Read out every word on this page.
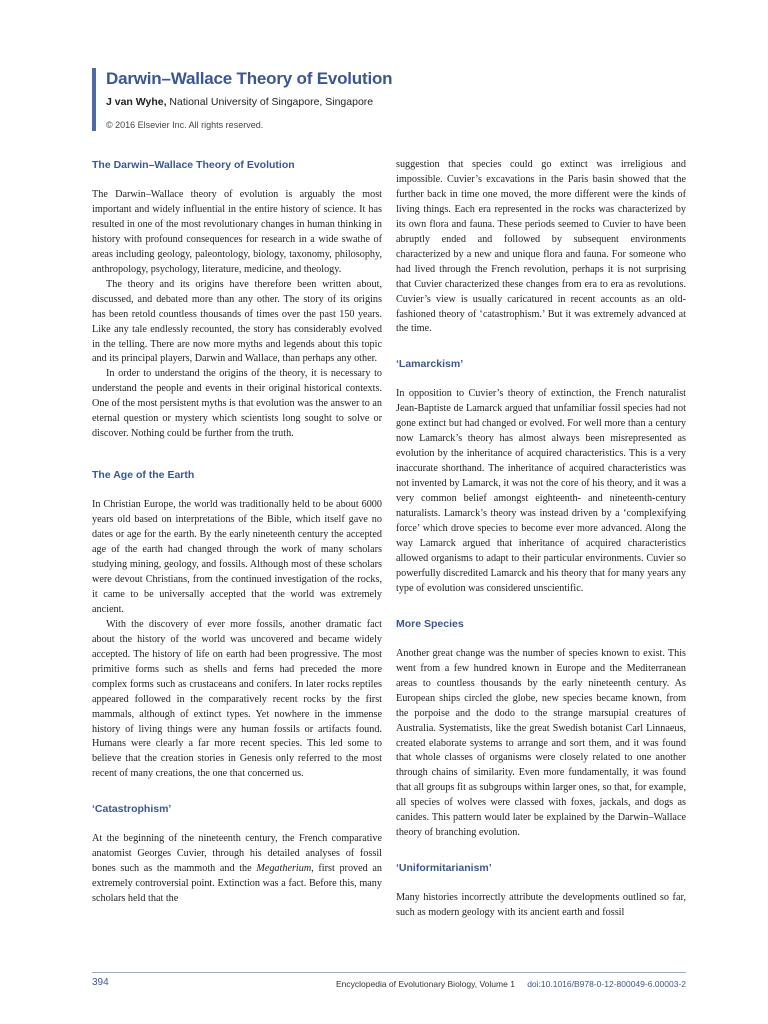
Darwin–Wallace Theory of Evolution
J van Wyhe, National University of Singapore, Singapore
© 2016 Elsevier Inc. All rights reserved.
The Darwin–Wallace Theory of Evolution

The Darwin–Wallace theory of evolution is arguably the most important and widely influential in the entire history of science. It has resulted in one of the most revolutionary changes in human thinking in history with profound consequences for research in a wide swathe of areas including geology, paleontology, biology, taxonomy, philosophy, anthropology, psychology, literature, medicine, and theology.

The theory and its origins have therefore been written about, discussed, and debated more than any other. The story of its origins has been retold countless thousands of times over the past 150 years. Like any tale endlessly recounted, the story has considerably evolved in the telling. There are now more myths and legends about this topic and its principal players, Darwin and Wallace, than perhaps any other.

In order to understand the origins of the theory, it is necessary to understand the people and events in their original historical contexts. One of the most persistent myths is that evolution was the answer to an eternal question or mystery which scientists long sought to solve or discover. Nothing could be further from the truth.

The Age of the Earth

In Christian Europe, the world was traditionally held to be about 6000 years old based on interpretations of the Bible, which itself gave no dates or age for the earth. By the early nineteenth century the accepted age of the earth had changed through the work of many scholars studying mining, geology, and fossils. Although most of these scholars were devout Christians, from the continued investigation of the rocks, it came to be universally accepted that the world was extremely ancient.

With the discovery of ever more fossils, another dramatic fact about the history of the world was uncovered and became widely accepted. The history of life on earth had been progressive. The most primitive forms such as shells and ferns had preceded the more complex forms such as crustaceans and conifers. In later rocks reptiles appeared followed in the comparatively recent rocks by the first mammals, although of extinct types. Yet nowhere in the immense history of living things were any human fossils or artifacts found. Humans were clearly a far more recent species. This led some to believe that the creation stories in Genesis only referred to the most recent of many creations, the one that concerned us.

‘Catastrophism’

At the beginning of the nineteenth century, the French comparative anatomist Georges Cuvier, through his detailed analyses of fossil bones such as the mammoth and the Megatherium, first proved an extremely controversial point. Extinction was a fact. Before this, many scholars held that the

suggestion that species could go extinct was irreligious and impossible. Cuvier’s excavations in the Paris basin showed that the further back in time one moved, the more different were the kinds of living things. Each era represented in the rocks was characterized by its own flora and fauna. These periods seemed to Cuvier to have been abruptly ended and followed by subsequent environments characterized by a new and unique flora and fauna. For someone who had lived through the French revolution, perhaps it is not surprising that Cuvier characterized these changes from era to era as revolutions. Cuvier’s view is usually caricatured in recent accounts as an old-fashioned theory of ‘catastrophism.’ But it was extremely advanced at the time.

‘Lamarckism’

In opposition to Cuvier’s theory of extinction, the French naturalist Jean-Baptiste de Lamarck argued that unfamiliar fossil species had not gone extinct but had changed or evolved. For well more than a century now Lamarck’s theory has almost always been misrepresented as evolution by the inheritance of acquired characteristics. This is a very inaccurate shorthand. The inheritance of acquired characteristics was not invented by Lamarck, it was not the core of his theory, and it was a very common belief amongst eighteenth- and nineteenth-century naturalists. Lamarck’s theory was instead driven by a ‘complexifying force’ which drove species to become ever more advanced. Along the way Lamarck argued that inheritance of acquired characteristics allowed organisms to adapt to their particular environments. Cuvier so powerfully discredited Lamarck and his theory that for many years any type of evolution was considered unscientific.

More Species

Another great change was the number of species known to exist. This went from a few hundred known in Europe and the Mediterranean areas to countless thousands by the early nineteenth century. As European ships circled the globe, new species became known, from the porpoise and the dodo to the strange marsupial creatures of Australia. Systematists, like the great Swedish botanist Carl Linnaeus, created elaborate systems to arrange and sort them, and it was found that whole classes of organisms were closely related to one another through chains of similarity. Even more fundamentally, it was found that all groups fit as subgroups within larger ones, so that, for example, all species of wolves were classed with foxes, jackals, and dogs as canides. This pattern would later be explained by the Darwin–Wallace theory of branching evolution.

‘Uniformitarianism’

Many histories incorrectly attribute the developments outlined so far, such as modern geology with its ancient earth and fossil

394	Encyclopedia of Evolutionary Biology, Volume 1 doi:10.1016/B978-0-12-800049-6.00003-2
